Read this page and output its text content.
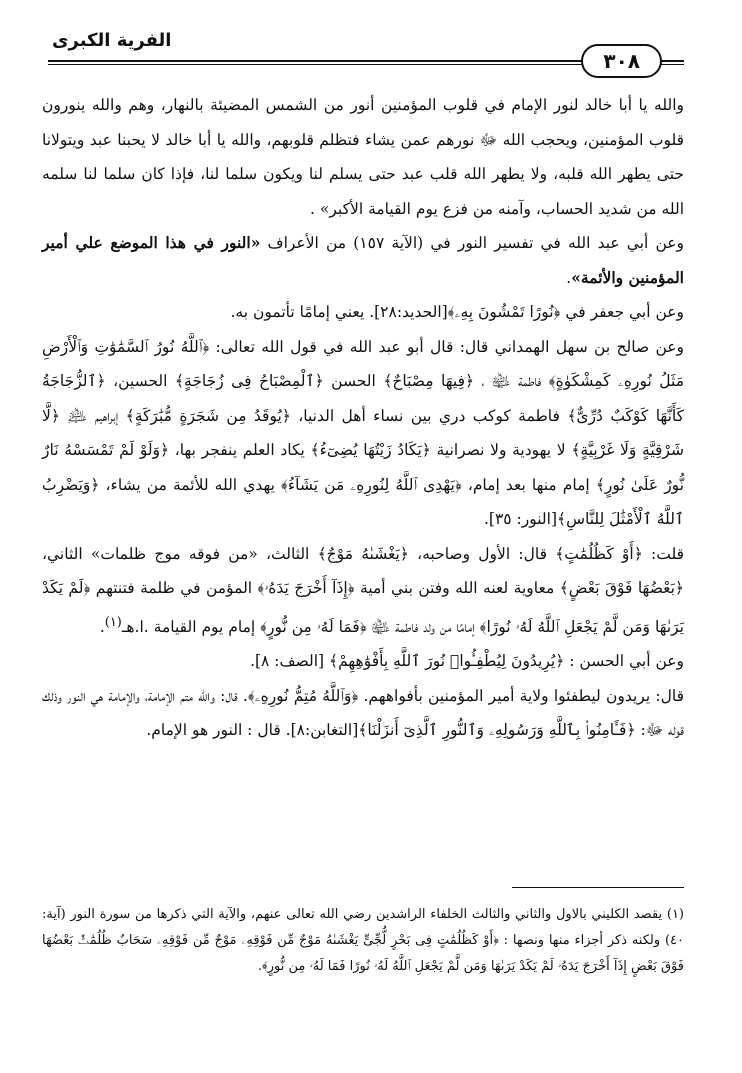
الفرية الكبرى
٣٠٨

والله يا أبا خالد لنور الإمام في قلوب المؤمنين أنور من الشمس المضيئة بالنهار، وهم والله ينورون قلوب المؤمنين، ويحجب الله ﷻ نورهم عمن يشاء فتظلم قلوبهم، والله يا أبا خالد لا يحبنا عبد ويتولانا حتى يطهر الله قلبه، ولا يطهر الله قلب عبد حتى يسلم لنا ويكون سلما لنا، فإذا كان سلما لنا سلمه الله من شديد الحساب، وآمنه من فزع يوم القيامة الأكبر» .

وعن أبي عبد الله في تفسير النور في (الآية ١٥٧) من الأعراف «النور في هذا الموضع علي أمير المؤمنين والأئمة».

وعن أبي جعفر في ﴿نُورًا تَمْشُونَ بِهِۦ﴾[الحديد:٢٨]. يعني إمامًا تأتمون به.

وعن صالح بن سهل الهمداني قال: قال أبو عبد الله في قول الله تعالى: ﴿ٱللَّهُ نُورُ ٱلسَّمَٰوَٰتِ وَٱلْأَرْضِ مَثَلُ نُورِهِۦ كَمِشْكَوٰةٍ﴾ فاطمة ﵍ ، ﴿فِيهَا مِصْبَاحٌ﴾ الحسن ﴿ٱلْمِصْبَاحُ فِى زُجَاجَةٍ﴾ الحسين، ﴿ٱلزُّجَاجَةُ كَأَنَّهَا كَوْكَبٌ دُرِّىٌّ﴾ فاطمة كوكب دري بين نساء أهل الدنيا، ﴿يُوقَدُ مِن شَجَرَةٍ مُّبَٰرَكَةٍ﴾ إبراهيم ﵇ ﴿لَّا شَرْقِيَّةٍ وَلَا غَرْبِيَّةٍ﴾ لا يهودية ولا نصرانية ﴿يَكَادُ زَيْتُهَا يُضِىٓءُ﴾ يكاد العلم ينفجر بها، ﴿وَلَوْ لَمْ تَمْسَسْهُ نَارٌ نُّورٌ عَلَىٰ نُورٍ﴾ إمام منها بعد إمام، ﴿يَهْدِى ٱللَّهُ لِنُورِهِۦ مَن يَشَآءُ﴾ يهدي الله للأئمة من يشاء، ﴿وَيَضْرِبُ ٱللَّهُ ٱلْأَمْثَٰلَ لِلنَّاسِ﴾[النور: ٣٥].

قلت: ﴿أَوْ كَظُلُمَٰتٍ﴾ قال: الأول وصاحبه، ﴿يَغْشَىٰهُ مَوْجٌ﴾ الثالث، «من فوقه موج ظلمات» الثاني، ﴿بَعْضُهَا فَوْقَ بَعْضٍ﴾ معاوية لعنه الله وفتن بني أمية ﴿إِذَآ أَخْرَجَ يَدَهُۥ﴾ المؤمن في ظلمة فتنتهم ﴿لَمْ يَكَدْ يَرَىٰهَا وَمَن لَّمْ يَجْعَلِ ٱللَّهُ لَهُۥ نُورًا﴾ إمامًا من ولد فاطمة ﵍ ﴿فَمَا لَهُۥ مِن نُّورٍ﴾ إمام يوم القيامة .ا.هـ$^{(١)}$.

وعن أبي الحسن : ﴿يُرِيدُونَ لِيُطْفِـُٔوا۟ نُورَ ٱللَّهِ بِأَفْوَٰهِهِمْ﴾ [الصف: ٨].

قال: يريدون ليطفئوا ولاية أمير المؤمنين بأفواههم. ﴿وَٱللَّهُ مُتِمُّ نُورِهِۦ﴾. قال: والله متم الإمامة، والإمامة هي النور وذلك قوله ﷻ: ﴿فَـَٔامِنُوا۟ بِٱللَّهِ وَرَسُولِهِۦ وَٱلنُّورِ ٱلَّذِىٓ أَنزَلْنَا﴾[التغابن:٨]. قال : النور هو الإمام.

(١) يقصد الكليني بالاول والثاني والثالث الخلفاء الراشدين رضي الله تعالى عنهم، والآية التي ذكرها من سورة النور (آية: ٤٠) ولكنه ذكر أجزاء منها ونصها : ﴿أَوْ كَظُلُمَٰتٍ فِى بَحْرٍ لُّجِّىٍّ يَغْشَىٰهُ مَوْجٌ مِّن فَوْقِهِۦ مَوْجٌ مِّن فَوْقِهِۦ سَحَابٌ ظُلُمَٰتٌۢ بَعْضُهَا فَوْقَ بَعْضٍ إِذَآ أَخْرَجَ يَدَهُۥ لَمْ يَكَدْ يَرَىٰهَا وَمَن لَّمْ يَجْعَلِ ٱللَّهُ لَهُۥ نُورًا فَمَا لَهُۥ مِن نُّورٍ﴾.
